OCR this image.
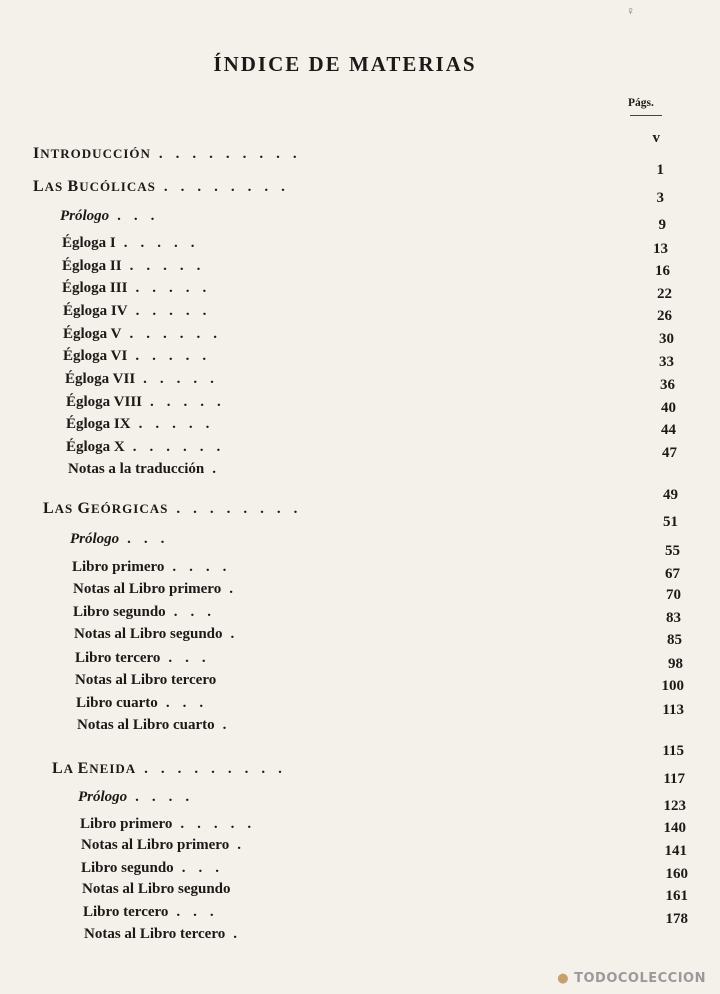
♀
ÍNDICE DE MATERIAS
Págs.
INTRODUCCIÓN .........
LAS BUCÓLICAS ........
Prólogo ...
Égloga I .....
Égloga II .....
Égloga III .....
Égloga IV .....
Égloga V ......
Égloga VI .....
Égloga VII .....
Égloga VIII .....
Égloga IX .....
Égloga X ......
Notas a la traducción .
LAS GEÓRGICAS ........
Prólogo ...
Libro primero ....
Notas al Libro primero .
Libro segundo ...
Notas al Libro segundo .
Libro tercero ...
Notas al Libro tercero
Libro cuarto ...
Notas al Libro cuarto .
LA ENEIDA .........
Prólogo ....
Libro primero .....
Notas al Libro primero .
Libro segundo ...
Notas al Libro segundo
Libro tercero ...
Notas al Libro tercero .
v
1
3
9
13
16
22
26
30
33
36
40
44
47
49
51
55
67
70
83
85
98
100
113
115
117
123
140
141
160
161
178
● TODOCOLECCION
